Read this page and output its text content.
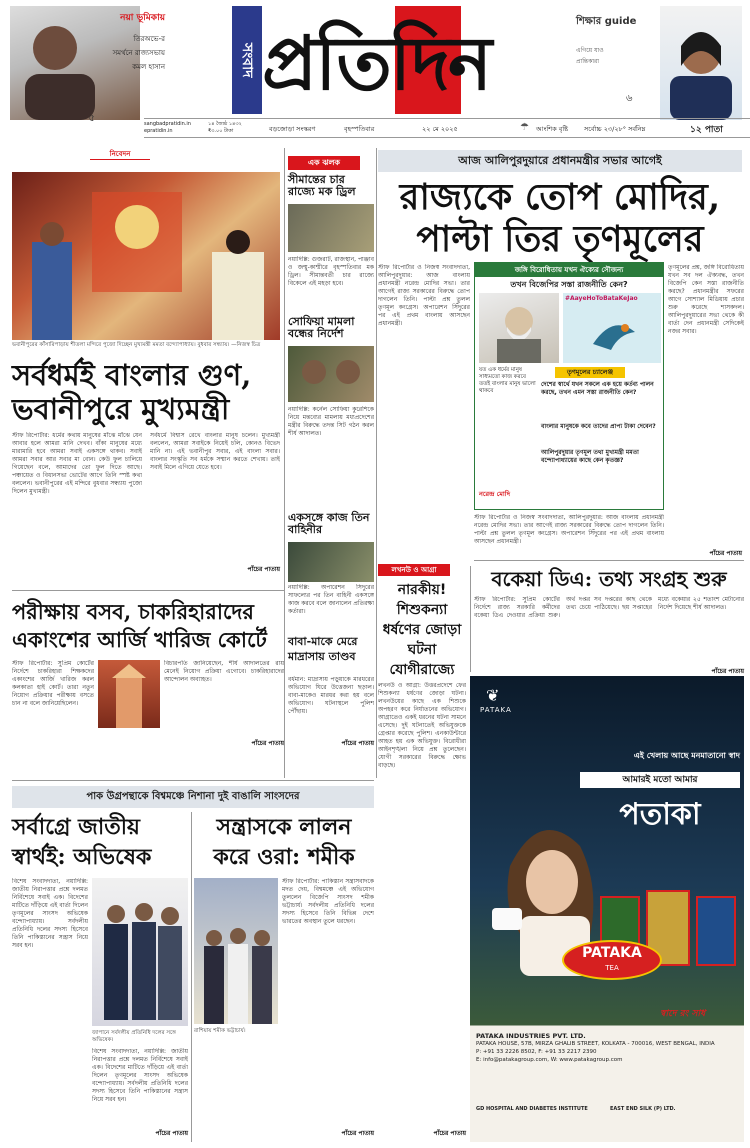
নয়া ভূমিকায়
তিরঅভে-র
সমর্থনে রাজ্যসভায়
কমল হাসান
৫
সংবাদ প্রতিদিন	শিক্ষার guide
এগিয়ে যাও
প্রান্তিকারা
৬
sangbadpratidin.in
epratidin.in
১৪ জ্যৈষ্ঠ ১৪৩২
₹৩.০০ টাকা	বড়জোড়া সংস্করণ	বৃহস্পতিবার	২২ মে ২০২৫	☂ আংশিক বৃষ্টি সর্বোচ্চ ২৩/২৮° সর্বনিম্ন	১২ পাতা
নিবেদন
ভবানীপুরের কাঁসারিপাড়ায় শীতলা মন্দিরে পুজো দিচ্ছেন মুখ্যমন্ত্রী মমতা বন্দ্যোপাধ্যায়। বুধবার সন্ধ্যায়। —নিজস্ব চিত্র
সর্বধর্মই বাংলার গুণ,
ভবানীপুরে মুখ্যমন্ত্রী
স্টাফ রিপোর্টার: ধর্মের কথায় মানুষের মাঁঝে মাঁঝে যেন আবার হলে আমরা মানি দেখব। বাঁকা মানুষের মধ্যে মারামারি হবে আমরা সবাই একসঙ্গে থাকব। সবাই আমরা সবার আর সবার মা বোন। কেউ ফুল চালিয়ে গিয়েছেন বলে, আমাদের তো ফুল দিতে আছে। পঞ্চায়েত ও বিধানসভা ভোটের আগে তিনি স্পষ্ট কথা বললেন। ভবানীপুরের এই মন্দিরে বুধবার সন্ধ্যায় পুজো দিলেন মুখ্যমন্ত্রী।
সর্বধর্মে বিশ্বাস রেখে বাংলার মানুষ চলেন। মুখ্যমন্ত্রী বললেন, আমরা সবাইকে নিয়েই চলি, কোনও বিভেদ মানি না। এই ভবানীপুর সবার, এই বাংলা সবার। বাংলার সংস্কৃতি সব ধর্মকে সম্মান করতে শেখায়। তাই সবাই মিলে এগিয়ে যেতে হবে।
পাঁচের পাতায়
এক ঝলক
সীমান্তের চার রাজ্যে মক ড্রিল
নয়াদিল্লি: গুজরাট, রাজস্থান, পাঞ্জাব ও জম্মু-কাশ্মীরে বৃহস্পতিবার মক ড্রিল। সীমান্তবর্তী চার রাজ্যে বিকেলে এই মহড়া হবে।
সোফিয়া মামলা বন্ধের নির্দেশ
নয়াদিল্লি: কর্নেল সোফিয়া কুরেশিকে নিয়ে মন্তব্যের মামলায় মধ্যপ্রদেশের মন্ত্রীর বিরুদ্ধে তদন্ত সিট গঠন করল শীর্ষ আদালত।
একসঙ্গে কাজ তিন বাহিনীর
নয়াদিল্লি: অপারেশন সিঁদুরের সাফল্যের পর তিন বাহিনী একসঙ্গে কাজ করবে বলে জানালেন প্রতিরক্ষা কর্তারা।
আজ আলিপুরদুয়ারে প্রধানমন্ত্রীর সভার আগেই
রাজ্যকে তোপ মোদির,
পাল্টা তির তৃণমূলের
স্টাফ রিপোর্টার ও নিজস্ব সংবাদদাতা, আলিপুরদুয়ার: আজ বাংলায় প্রধানমন্ত্রী নরেন্দ্র মোদির সভা। তার আগেই রাজ্য সরকারের বিরুদ্ধে তোপ দাগলেন তিনি। পাল্টা প্রশ্ন তুলল তৃণমূল কংগ্রেস। অপারেশন সিঁদুরের পর এই প্রথম বাংলায় আসছেন প্রধানমন্ত্রী।
জঙ্গি বিরোধিতায় যখন ঐক্যের সৌজন্য
তখন বিজেপির সস্তা রাজনীতি কেন?
#AayeHoToBataKeJao
যত এক ধর্মের মানুষ সাধ্যমতো কাজ করবে ততই বাংলার মানুষ ভালো থাকবে
নরেন্দ্র মোদি
তৃণমূলের চ্যালেঞ্জ
দেশের স্বার্থে যখন সকলে এক হয়ে কর্তব্য পালন করছে, তখন এমন সস্তা রাজনীতি কেন?
বাংলার মানুষকে কবে তাদের প্রাপ্য টাকা দেবেন?
আলিপুরদুয়ার তৃণমূল তথা মুখ্যমন্ত্রী মমতা বন্দ্যোপাধ্যায়ের কাছে কেন কৃতজ্ঞ?
তৃণমূলের প্রশ্ন, জঙ্গি বিরোধিতায় যখন সব দল ঐক্যবদ্ধ, তখন বিজেপি কেন সস্তা রাজনীতি করছে? প্রধানমন্ত্রীর সফরের আগে সোশ্যাল মিডিয়ায় প্রচার শুরু করেছে শাসকদল। আলিপুরদুয়ারের সভা থেকে কী বার্তা দেন প্রধানমন্ত্রী সেদিকেই নজর সবার।
স্টাফ রিপোর্টার ও নিজস্ব সংবাদদাতা, আলিপুরদুয়ার: আজ বাংলায় প্রধানমন্ত্রী নরেন্দ্র মোদির সভা। তার আগেই রাজ্য সরকারের বিরুদ্ধে তোপ দাগলেন তিনি। পাল্টা প্রশ্ন তুলল তৃণমূল কংগ্রেস। অপারেশন সিঁদুরের পর এই প্রথম বাংলায় আসছেন প্রধানমন্ত্রী।
পাঁচের পাতায়
পরীক্ষায় বসব, চাকরিহারাদের
একাংশের আর্জি খারিজ কোর্টে
স্টাফ রিপোর্টার: সুপ্রিম কোর্টের নির্দেশে চাকরিহারা শিক্ষকদের একাংশের আর্জি খারিজ করল কলকাতা হাই কোর্ট। তারা নতুন নিয়োগ প্রক্রিয়ার পরীক্ষায় বসতে চান না বলে জানিয়েছিলেন।
বিচারপতি জানিয়েছেন, শীর্ষ আদালতের রায় মেনেই নিয়োগ প্রক্রিয়া এগোবে। চাকরিহারাদের আন্দোলন অব্যাহত।
পাঁচের পাতায়
বাবা-মাকে মেরে মাদ্রাসায় তাণ্ডব
বর্ধমান: মাদ্রাসায় পড়ুয়াকে মারধরের অভিযোগ ঘিরে উত্তেজনা ছড়াল। বাবা-মাকেও মারধর করা হয় বলে অভিযোগ। ঘটনাস্থলে পুলিশ পৌঁছায়।
পাঁচের পাতায়
লখনউ ও আগ্রা
নারকীয়! শিশুকন্যা ধর্ষণের জোড়া ঘটনা যোগীরাজ্যে
লখনউ ও আগ্রা: উত্তরপ্রদেশে ফের শিশুকন্যা ধর্ষণের জোড়া ঘটনা। লখনউয়ের কাছে এক শিশুকে অপহরণ করে নির্যাতনের অভিযোগ। আগ্রাতেও একই ধরনের ঘটনা সামনে এসেছে। দুই ঘটনাতেই অভিযুক্তকে গ্রেপ্তার করেছে পুলিশ। এনকাউন্টারে আহত হয় এক অভিযুক্ত। বিরোধীরা আইনশৃঙ্খলা নিয়ে প্রশ্ন তুলেছেন। যোগী সরকারের বিরুদ্ধে ক্ষোভ বাড়ছে।
পাঁচের পাতায়
বকেয়া ডিএ: তথ্য সংগ্রহ শুরু
স্টাফ রিপোর্টার: সুপ্রিম কোর্টের নির্দেশে রাজ্য সরকারি কর্মীদের বকেয়া ডিএ দেওয়ার প্রক্রিয়া শুরু। অর্থ দপ্তর সব দপ্তরের কাছ থেকে তথ্য চেয়ে পাঠিয়েছে। ছয় সপ্তাহের মধ্যে বকেয়ার ২৫ শতাংশ মেটানোর নির্দেশ দিয়েছে শীর্ষ আদালত।
পাঁচের পাতায়
পাক উগ্রপন্থাকে বিশ্বমঞ্চে নিশানা দুই বাঙালি সাংসদের
সর্বাগ্রে জাতীয়
স্বার্থই: অভিষেক
বিশেষ সংবাদদাতা, নয়াদিল্লি: জাতীয় নিরাপত্তার প্রশ্নে দলমত নির্বিশেষে সবাই এক। বিদেশের মাটিতে দাঁড়িয়ে এই বার্তা দিলেন তৃণমূলের সাংসদ অভিষেক বন্দ্যোপাধ্যায়। সর্বদলীয় প্রতিনিধি দলের সদস্য হিসেবে তিনি পাকিস্তানের সন্ত্রাস নিয়ে সরব হন।
জাপানে সর্বদলীয় প্রতিনিধি দলের সঙ্গে অভিষেক।
বিশেষ সংবাদদাতা, নয়াদিল্লি: জাতীয় নিরাপত্তার প্রশ্নে দলমত নির্বিশেষে সবাই এক। বিদেশের মাটিতে দাঁড়িয়ে এই বার্তা দিলেন তৃণমূলের সাংসদ অভিষেক বন্দ্যোপাধ্যায়। সর্বদলীয় প্রতিনিধি দলের সদস্য হিসেবে তিনি পাকিস্তানের সন্ত্রাস নিয়ে সরব হন।
পাঁচের পাতায়
সন্ত্রাসকে লালন
করে ওরা: শমীক
রাশিয়ায় শমীক ভট্টাচার্য।
স্টাফ রিপোর্টার: পাকিস্তান সন্ত্রাসবাদকে মদত দেয়, বিশ্বমঞ্চে এই অভিযোগ তুললেন বিজেপি সাংসদ শমীক ভট্টাচার্য। সর্বদলীয় প্রতিনিধি দলের সদস্য হিসেবে তিনি বিভিন্ন দেশে ভারতের অবস্থান তুলে ধরছেন।
পাঁচের পাতায়
PATAKA
❦
এই খেলায় আছে মনমাতানো স্বাদ
আমারই মতো আমার
পতাকা
PATAKA
TEA
স্বাদে রং সাধ
PATAKA INDUSTRIES PVT. LTD.
PATAKA HOUSE, 57B, MIRZA GHALIB STREET, KOLKATA - 700016, WEST BENGAL, INDIA
P: +91 33 2226 8502, F: +91 33 2217 2390
E: info@patakagroup.com, W: www.patakagroup.com
GD HOSPITAL AND DIABETES INSTITUTE	EAST END SILK (P) LTD.
